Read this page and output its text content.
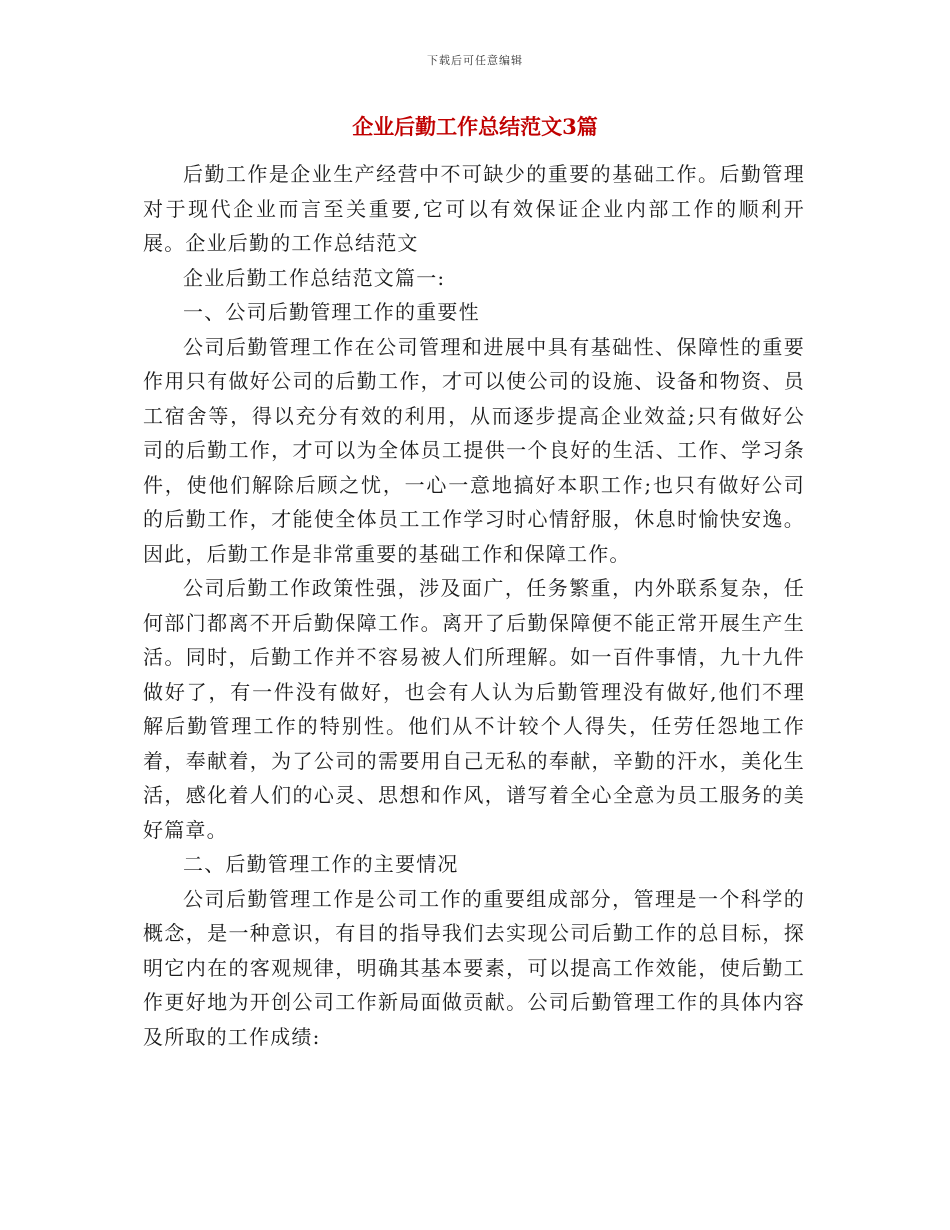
下载后可任意编辑
企业后勤工作总结范文3篇

后勤工作是企业生产经营中不可缺少的重要的基础工作。后勤管理对于现代企业而言至关重要,它可以有效保证企业内部工作的顺利开展。企业后勤的工作总结范文

企业后勤工作总结范文篇一:

一、公司后勤管理工作的重要性

公司后勤管理工作在公司管理和进展中具有基础性、保障性的重要作用只有做好公司的后勤工作，才可以使公司的设施、设备和物资、员工宿舍等，得以充分有效的利用，从而逐步提高企业效益;只有做好公司的后勤工作，才可以为全体员工提供一个良好的生活、工作、学习条件，使他们解除后顾之忧，一心一意地搞好本职工作;也只有做好公司的后勤工作，才能使全体员工工作学习时心情舒服，休息时愉快安逸。因此，后勤工作是非常重要的基础工作和保障工作。

公司后勤工作政策性强，涉及面广，任务繁重，内外联系复杂，任何部门都离不开后勤保障工作。离开了后勤保障便不能正常开展生产生活。同时，后勤工作并不容易被人们所理解。如一百件事情，九十九件做好了，有一件没有做好，也会有人认为后勤管理没有做好,他们不理解后勤管理工作的特别性。他们从不计较个人得失，任劳任怨地工作着，奉献着，为了公司的需要用自己无私的奉献，辛勤的汗水，美化生活，感化着人们的心灵、思想和作风，谱写着全心全意为员工服务的美好篇章。

二、后勤管理工作的主要情况

公司后勤管理工作是公司工作的重要组成部分，管理是一个科学的概念，是一种意识，有目的指导我们去实现公司后勤工作的总目标，探明它内在的客观规律，明确其基本要素，可以提高工作效能，使后勤工作更好地为开创公司工作新局面做贡献。公司后勤管理工作的具体内容及所取的工作成绩:
